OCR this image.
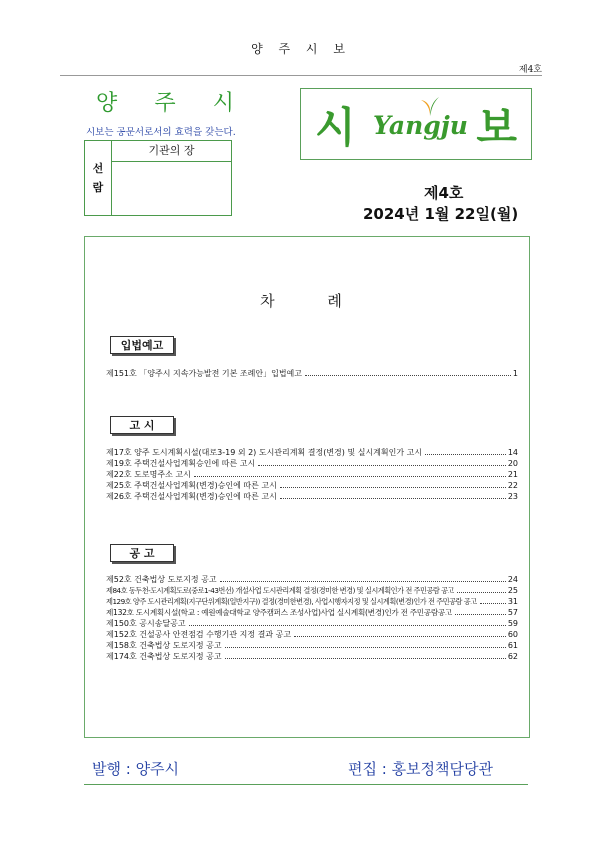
양 주 시 보
제4호
양 주 시
시보는 공문서로서의 효력을 갖는다.
선
람
기관의 장	시 Yangju 보
제4호
2024년 1월 22일(월)
차	례
입법예고
제151호 「양주시 지속가능발전 기본 조례안」입법예고	1
고 시
제17호 양주 도시계획시설(대로3-19 외 2) 도시관리계획 결정(변경) 및 실시계획인가 고시	14
제19호 주택건설사업계획승인에 따른 고시	20
제22호 도로명주소 고시	21
제25호 주택건설사업계획(변경)승인에 따른 고시	22
제26호 주택건설사업계획(변경)승인에 따른 고시	23
공 고
제52호 건축법상 도로지정 공고	24
제84호 동두천-도시계획도로(중로1-43번선) 개설사업 도시관리계획 결정(경미한 변경) 및 실시계획인가 전 주민공람 공고	25
제129호 양주 도시관리계획(지구단위계획(일반지구)) 결정(경미한변경), 사업시행자지정 및 실시계획(변경)인가 전 주민공람 공고	31
제132호 도시계획시설(학교 : 예원예술대학교 양주캠퍼스 조성사업)사업 실시계획(변경)인가 전 주민공람공고	57
제150호 공시송달공고	59
제152호 건설공사 안전점검 수행기관 지정 결과 공고	60
제158호 건축법상 도로지정 공고	61
제174호 건축법상 도로지정 공고	62
발행 : 양주시	편집 : 홍보정책담당관
